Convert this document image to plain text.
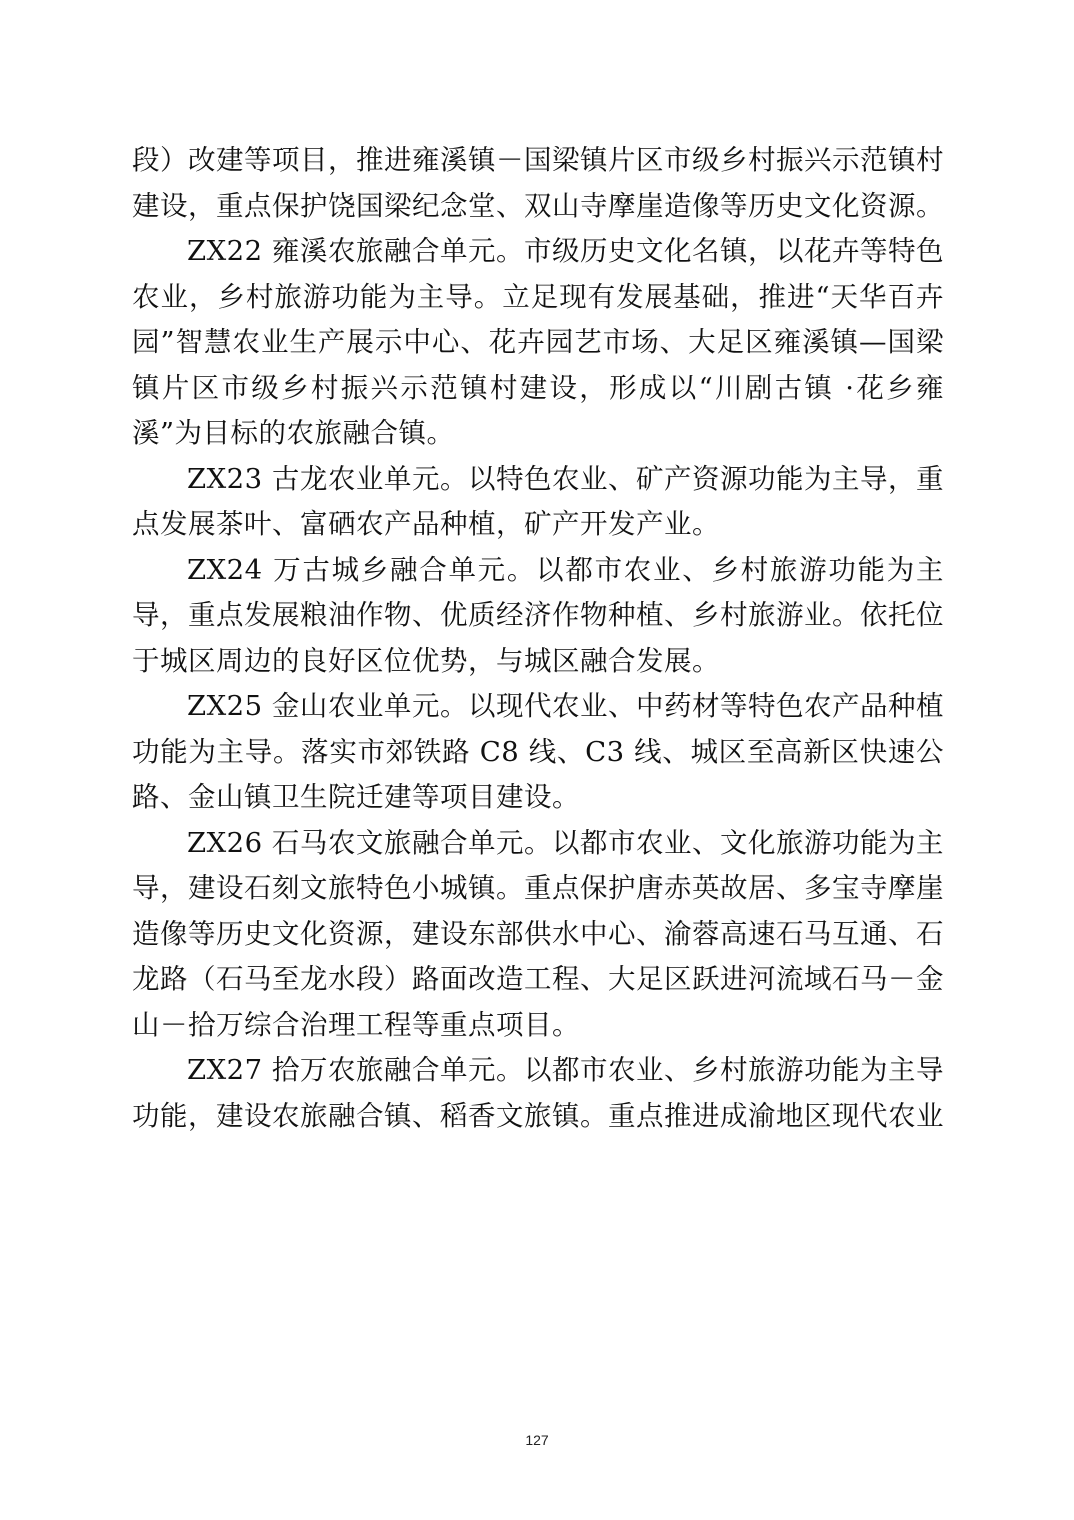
段）改建等项目，推进雍溪镇－国梁镇片区市级乡村振兴示范镇村建设，重点保护饶国梁纪念堂、双山寺摩崖造像等历史文化资源。

ZX22 雍溪农旅融合单元。市级历史文化名镇，以花卉等特色农业，乡村旅游功能为主导。立足现有发展基础，推进“天华百卉园”智慧农业生产展示中心、花卉园艺市场、大足区雍溪镇—国梁镇片区市级乡村振兴示范镇村建设，形成以“川剧古镇 ·花乡雍溪”为目标的农旅融合镇。

ZX23 古龙农业单元。以特色农业、矿产资源功能为主导，重点发展茶叶、富硒农产品种植，矿产开发产业。

ZX24 万古城乡融合单元。以都市农业、乡村旅游功能为主导，重点发展粮油作物、优质经济作物种植、乡村旅游业。依托位于城区周边的良好区位优势，与城区融合发展。

ZX25 金山农业单元。以现代农业、中药材等特色农产品种植功能为主导。落实市郊铁路 C8 线、C3 线、城区至高新区快速公路、金山镇卫生院迁建等项目建设。

ZX26 石马农文旅融合单元。以都市农业、文化旅游功能为主导，建设石刻文旅特色小城镇。重点保护唐赤英故居、多宝寺摩崖造像等历史文化资源，建设东部供水中心、渝蓉高速石马互通、石龙路（石马至龙水段）路面改造工程、大足区跃进河流域石马－金山－拾万综合治理工程等重点项目。

ZX27 拾万农旅融合单元。以都市农业、乡村旅游功能为主导功能，建设农旅融合镇、稻香文旅镇。重点推进成渝地区现代农业

127
